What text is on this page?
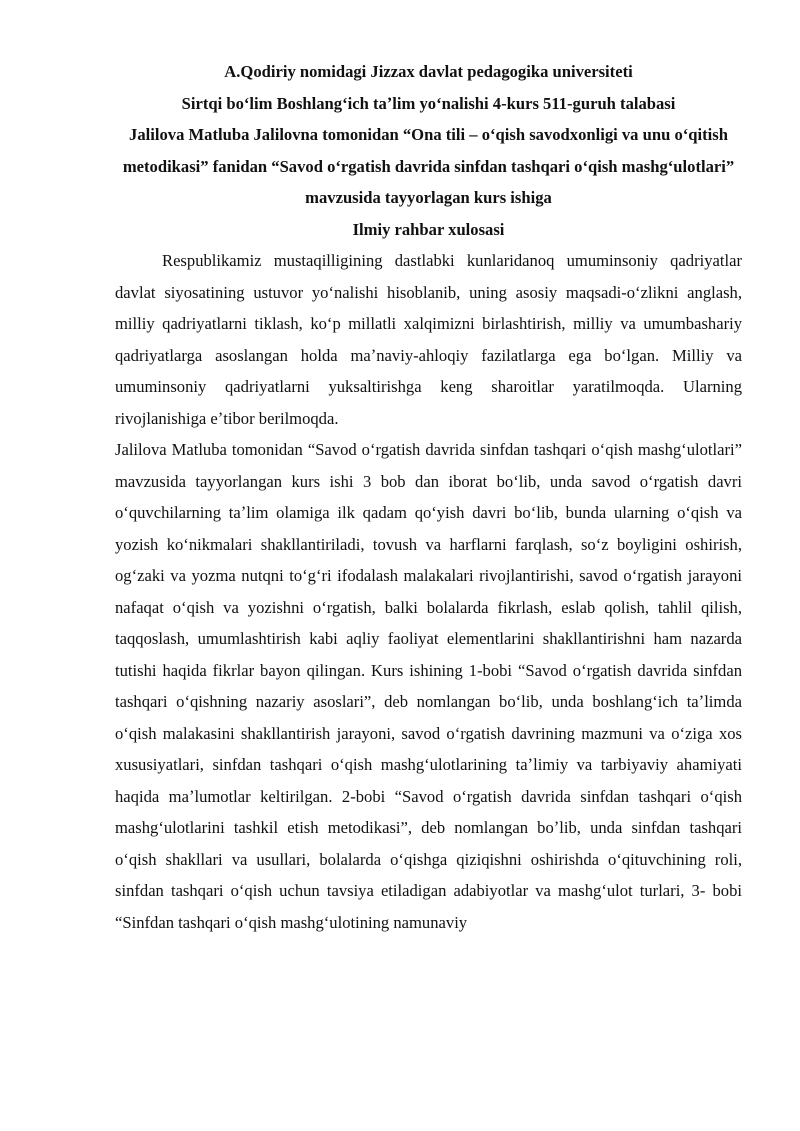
A.Qodiriy nomidagi Jizzax davlat pedagogika universiteti

Sirtqi boʻlim Boshlangʻich taʼlim yoʻnalishi 4-kurs 511-guruh talabasi

Jalilova Matluba Jalilovna tomonidan “Ona tili – oʻqish savodxonligi va unu oʻqitish metodikasi” fanidan “Savod oʻrgatish davrida sinfdan tashqari oʻqish mashgʻulotlari” mavzusida tayyorlagan kurs ishiga

Ilmiy rahbar xulosasi

Respublikamiz mustaqilligining dastlabki kunlaridanoq umuminsoniy qadriyatlar davlat siyosatining ustuvor yoʻnalishi hisoblanib, uning asosiy maqsadi-oʻzlikni anglash, milliy qadriyatlarni tiklash, koʻp millatli xalqimizni birlashtirish, milliy va umumbashariy qadriyatlarga asoslangan holda maʼnaviy-ahloqiy fazilatlarga ega boʻlgan. Milliy va umuminsoniy qadriyatlarni yuksaltirishga keng sharoitlar yaratilmoqda. Ularning rivojlanishiga eʼtibor berilmoqda.

Jalilova Matluba tomonidan “Savod oʻrgatish davrida sinfdan tashqari oʻqish mashgʻulotlari” mavzusida tayyorlangan kurs ishi 3 bob dan iborat boʻlib, unda savod oʻrgatish davri oʻquvchilarning taʼlim olamiga ilk qadam qoʻyish davri boʻlib, bunda ularning oʻqish va yozish koʻnikmalari shakllantiriladi, tovush va harflarni farqlash, soʻz boyligini oshirish, ogʻzaki va yozma nutqni toʻgʻri ifodalash malakalari rivojlantirishi, savod oʻrgatish jarayoni nafaqat oʻqish va yozishni oʻrgatish, balki bolalarda fikrlash, eslab qolish, tahlil qilish, taqqoslash, umumlashtirish kabi aqliy faoliyat elementlarini shakllantirishni ham nazarda tutishi haqida fikrlar bayon qilingan. Kurs ishining 1-bobi “Savod oʻrgatish davrida sinfdan tashqari oʻqishning nazariy asoslari”, deb nomlangan boʻlib, unda boshlangʻich taʼlimda oʻqish malakasini shakllantirish jarayoni, savod oʻrgatish davrining mazmuni va oʻziga xos xususiyatlari, sinfdan tashqari oʻqish mashgʻulotlarining taʼlimiy va tarbiyaviy ahamiyati haqida maʼlumotlar keltirilgan. 2-bobi “Savod oʻrgatish davrida sinfdan tashqari oʻqish mashgʻulotlarini tashkil etish metodikasi”, deb nomlangan boʼlib, unda sinfdan tashqari oʻqish shakllari va usullari, bolalarda oʻqishga qiziqishni oshirishda oʻqituvchining roli, sinfdan tashqari oʻqish uchun tavsiya etiladigan adabiyotlar va mashgʻulot turlari, 3- bobi “Sinfdan tashqari oʻqish mashgʻulotining namunaviy
